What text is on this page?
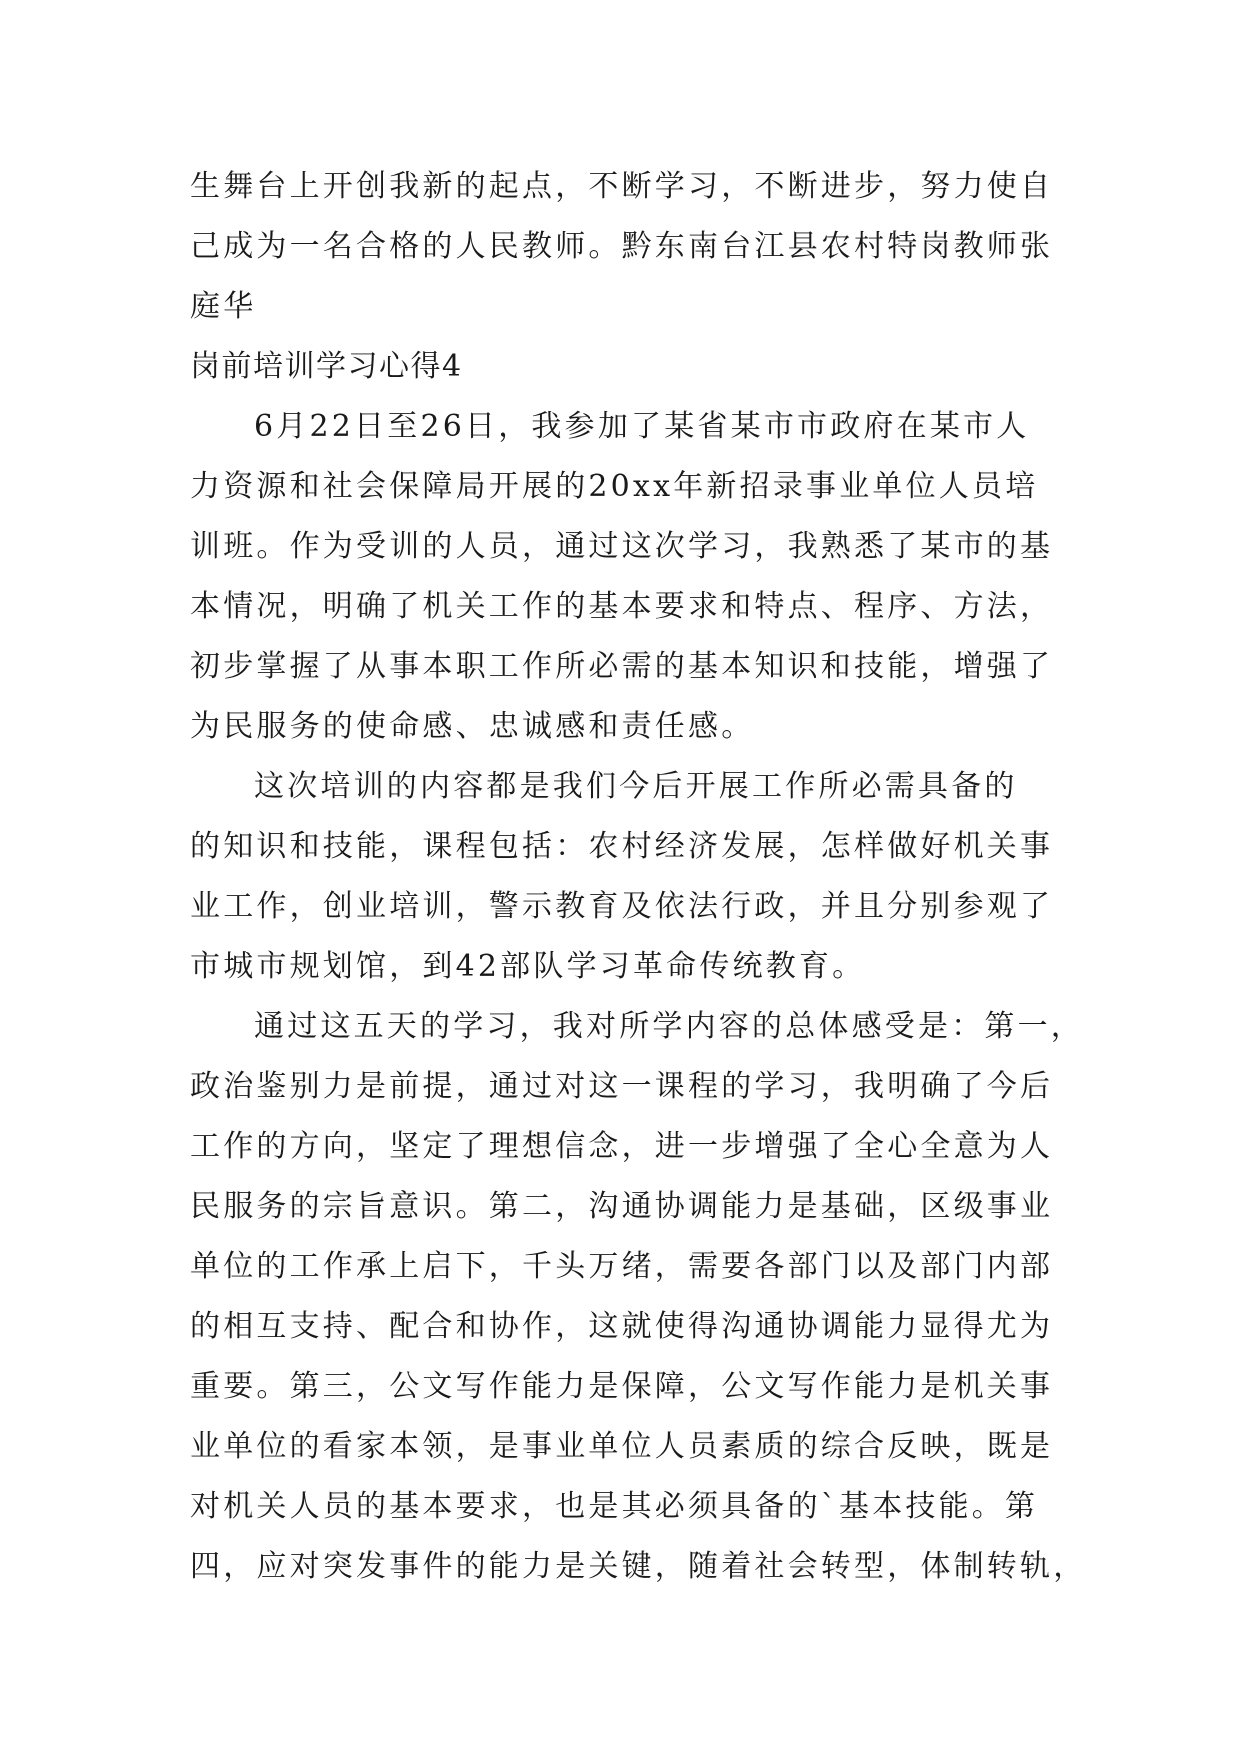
生舞台上开创我新的起点，不断学习，不断进步，努力使自
己成为一名合格的人民教师。黔东南台江县农村特岗教师张
庭华
岗前培训学习心得4
6月22日至26日，我参加了某省某市市政府在某市人
力资源和社会保障局开展的20xx年新招录事业单位人员培
训班。作为受训的人员，通过这次学习，我熟悉了某市的基
本情况，明确了机关工作的基本要求和特点、程序、方法，
初步掌握了从事本职工作所必需的基本知识和技能，增强了
为民服务的使命感、忠诚感和责任感。
这次培训的内容都是我们今后开展工作所必需具备的
的知识和技能，课程包括：农村经济发展，怎样做好机关事
业工作，创业培训，警示教育及依法行政，并且分别参观了
市城市规划馆，到42部队学习革命传统教育。
通过这五天的学习，我对所学内容的总体感受是：第一，
政治鉴别力是前提，通过对这一课程的学习，我明确了今后
工作的方向，坚定了理想信念，进一步增强了全心全意为人
民服务的宗旨意识。第二，沟通协调能力是基础，区级事业
单位的工作承上启下，千头万绪，需要各部门以及部门内部
的相互支持、配合和协作，这就使得沟通协调能力显得尤为
重要。第三，公文写作能力是保障，公文写作能力是机关事
业单位的看家本领，是事业单位人员素质的综合反映，既是
对机关人员的基本要求，也是其必须具备的`基本技能。第
四，应对突发事件的能力是关键，随着社会转型，体制转轨，
